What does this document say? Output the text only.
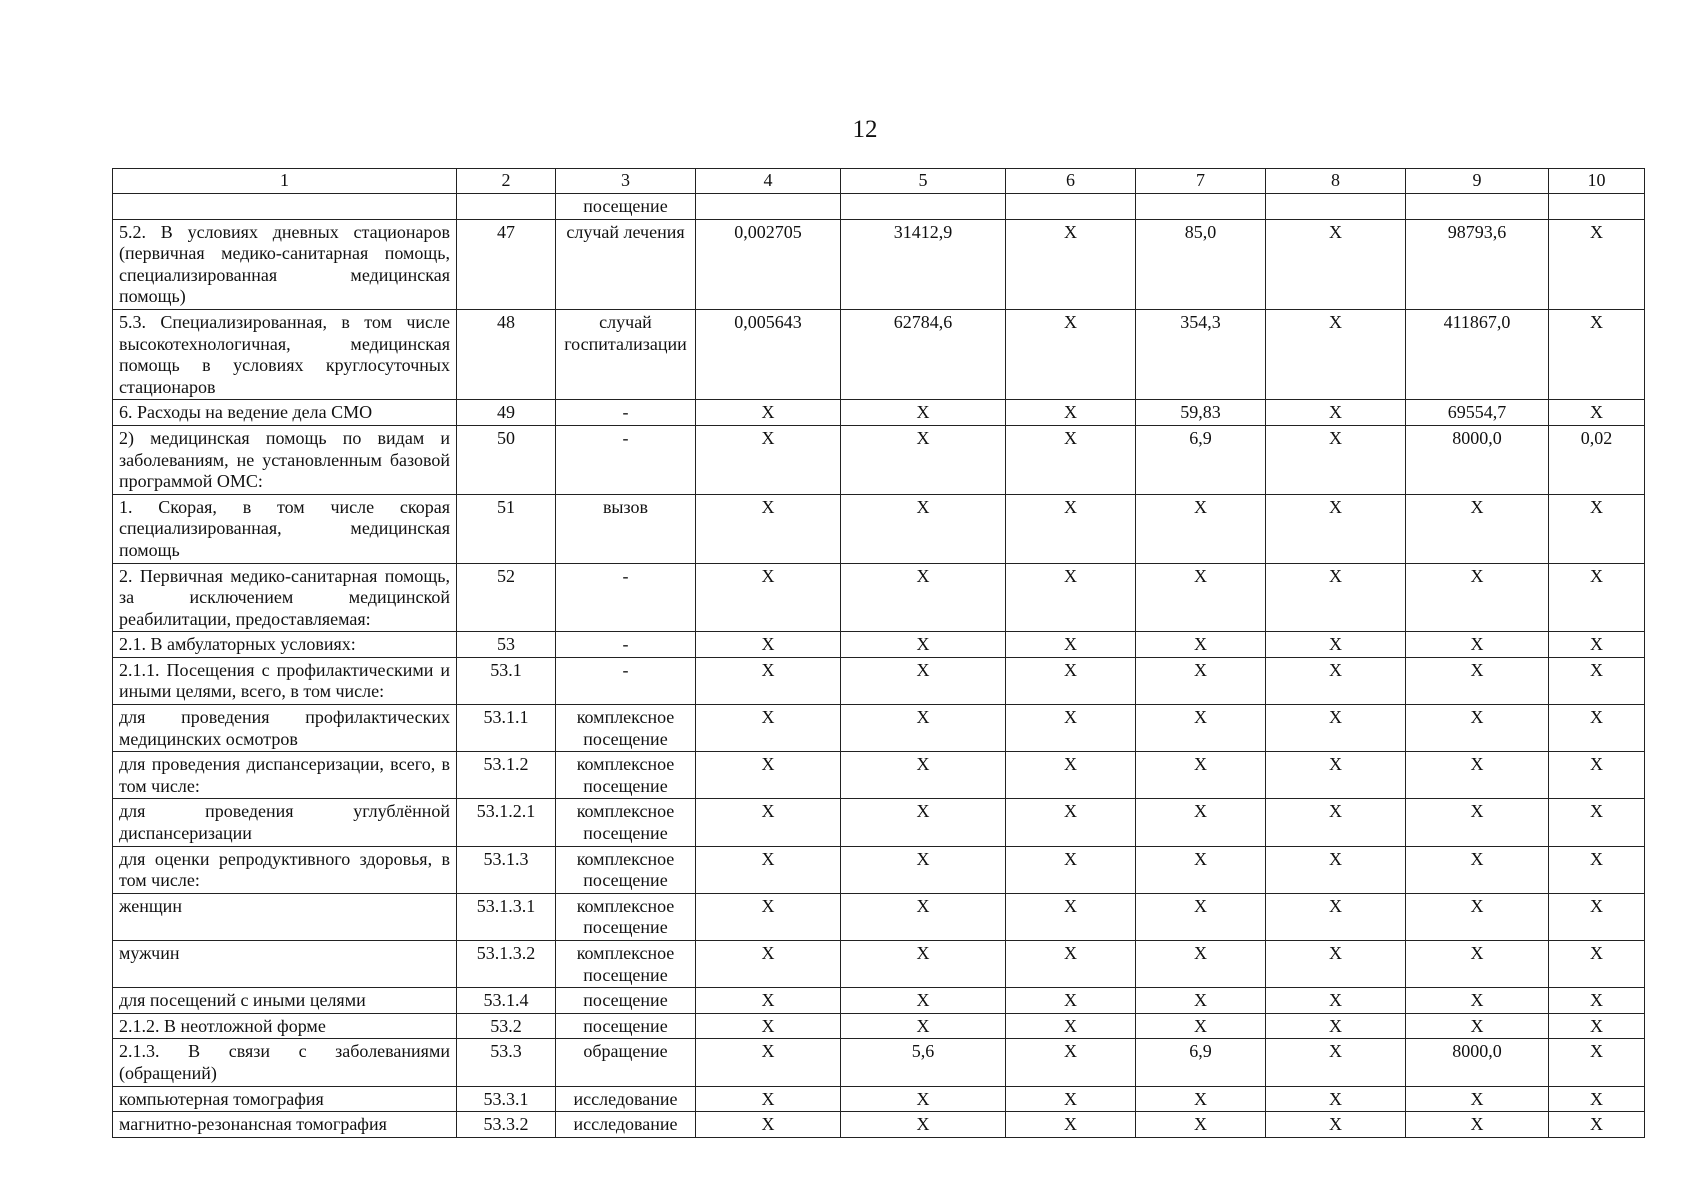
12
1	2	3	4	5	6	7	8	9	10
		посещение							
5.2. В условиях дневных стационаров (первичная медико-санитарная помощь, специализированная медицинская помощь)	47	случай лечения	0,002705	31412,9	X	85,0	X	98793,6	X
5.3. Специализированная, в том числе высокотехнологичная, медицинская помощь в условиях круглосуточных стационаров	48	случай госпитализации	0,005643	62784,6	X	354,3	X	411867,0	X
6. Расходы на ведение дела СМО	49	-	X	X	X	59,83	X	69554,7	X
2) медицинская помощь по видам и заболеваниям, не установленным базовой программой ОМС:	50	-	X	X	X	6,9	X	8000,0	0,02
1. Скорая, в том числе скорая специализированная, медицинская помощь	51	вызов	X	X	X	X	X	X	X
2. Первичная медико-санитарная помощь, за исключением медицинской реабилитации, предоставляемая:	52	-	X	X	X	X	X	X	X
2.1. В амбулаторных условиях:	53	-	X	X	X	X	X	X	X
2.1.1. Посещения с профилактическими и иными целями, всего, в том числе:	53.1	-	X	X	X	X	X	X	X
для проведения профилактических медицинских осмотров	53.1.1	комплексное посещение	X	X	X	X	X	X	X
для проведения диспансеризации, всего, в том числе:	53.1.2	комплексное посещение	X	X	X	X	X	X	X
для проведения углублённой диспансеризации	53.1.2.1	комплексное посещение	X	X	X	X	X	X	X
для оценки репродуктивного здоровья, в том числе:	53.1.3	комплексное посещение	X	X	X	X	X	X	X
женщин	53.1.3.1	комплексное посещение	X	X	X	X	X	X	X
мужчин	53.1.3.2	комплексное посещение	X	X	X	X	X	X	X
для посещений с иными целями	53.1.4	посещение	X	X	X	X	X	X	X
2.1.2. В неотложной форме	53.2	посещение	X	X	X	X	X	X	X
2.1.3. В связи с заболеваниями (обращений)	53.3	обращение	X	5,6	X	6,9	X	8000,0	X
компьютерная томография	53.3.1	исследование	X	X	X	X	X	X	X
магнитно-резонансная томография	53.3.2	исследование	X	X	X	X	X	X	X
